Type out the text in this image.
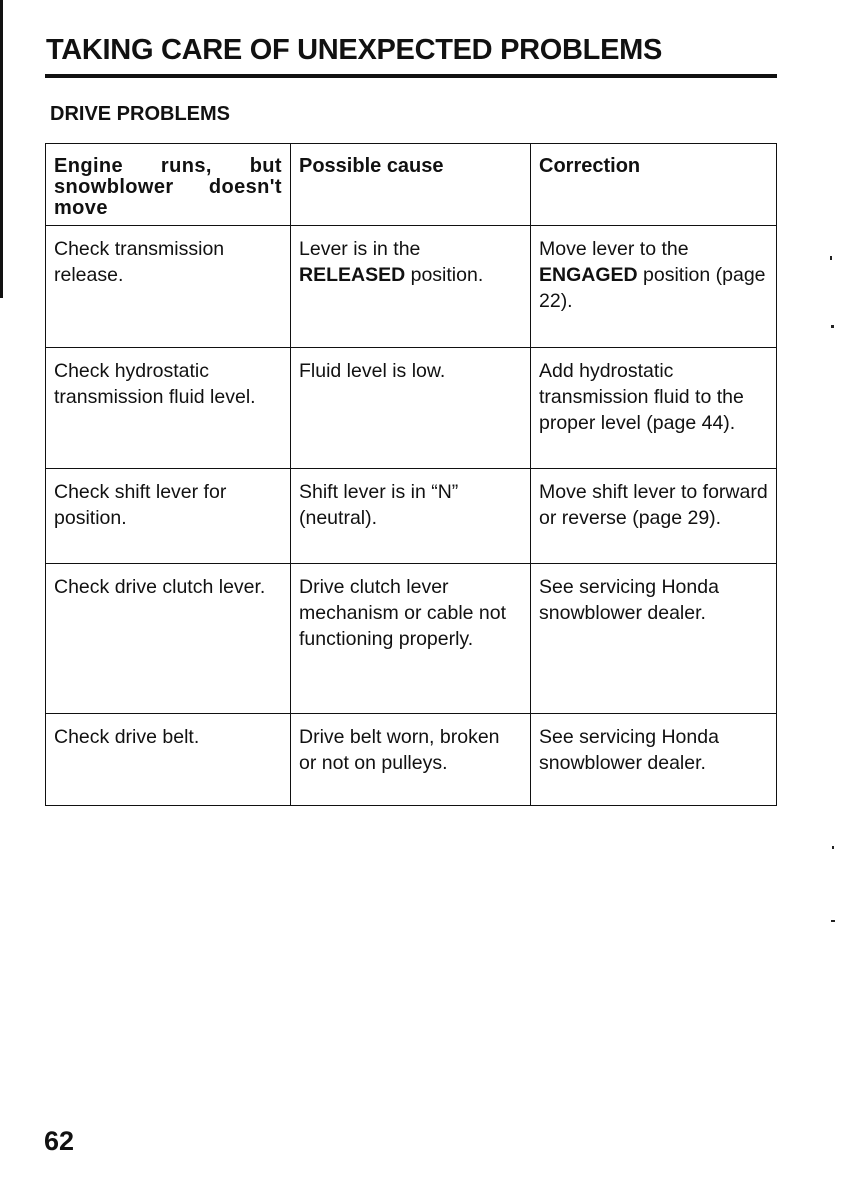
TAKING CARE OF UNEXPECTED PROBLEMS
DRIVE PROBLEMS
Engine runs, but snowblower doesn't move	Possible cause	Correction
Check transmission release.	Lever is in the RELEASED position.	Move lever to the ENGAGED position (page 22).
Check hydrostatic transmission fluid level.	Fluid level is low.	Add hydrostatic transmission fluid to the proper level (page 44).
Check shift lever for position.	Shift lever is in “N” (neutral).	Move shift lever to forward or reverse (page 29).
Check drive clutch lever.	Drive clutch lever mechanism or cable not functioning properly.	See servicing Honda snowblower dealer.
Check drive belt.	Drive belt worn, broken or not on pulleys.	See servicing Honda snowblower dealer.
62
